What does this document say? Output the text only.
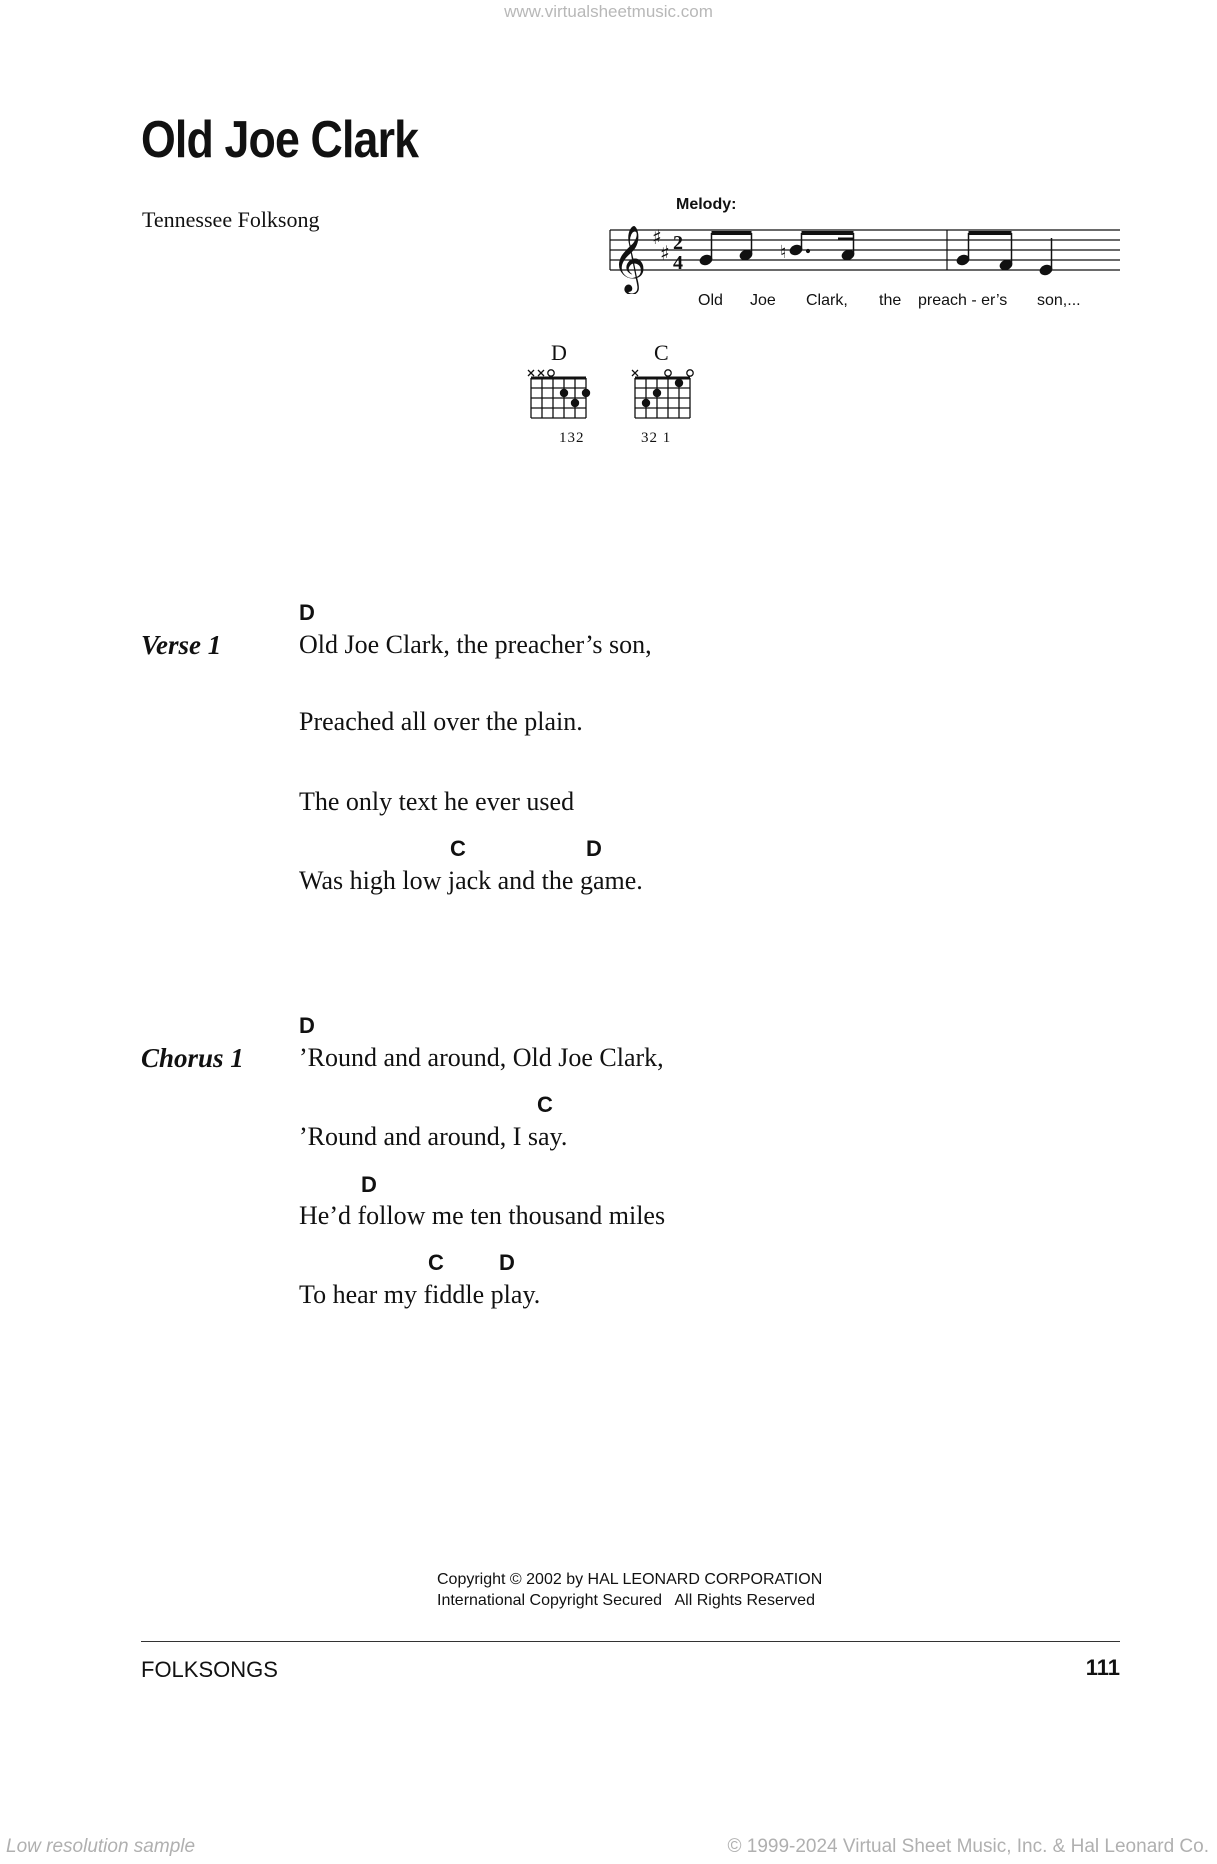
www.virtualsheetmusic.com
Old Joe Clark
Tennessee Folksong
Melody:
𝄞 ♯
♯ 2
4	♮
Old Joe Clark, the preach - er’s son,...
D
132
C
32 1
Verse 1
D
Old Joe Clark, the preacher’s son,
Preached all over the plain.
The only text he ever used
C	D
Was high low jack and the game.
Chorus 1
D
’Round and around, Old Joe Clark,
C
’Round and around, I say.
D
He’d follow me ten thousand miles
C	D
To hear my fiddle play.
Copyright © 2002 by HAL LEONARD CORPORATION
International Copyright Secured   All Rights Reserved
FOLKSONGS	111
Low resolution sample	© 1999-2024 Virtual Sheet Music, Inc. & Hal Leonard Co.
